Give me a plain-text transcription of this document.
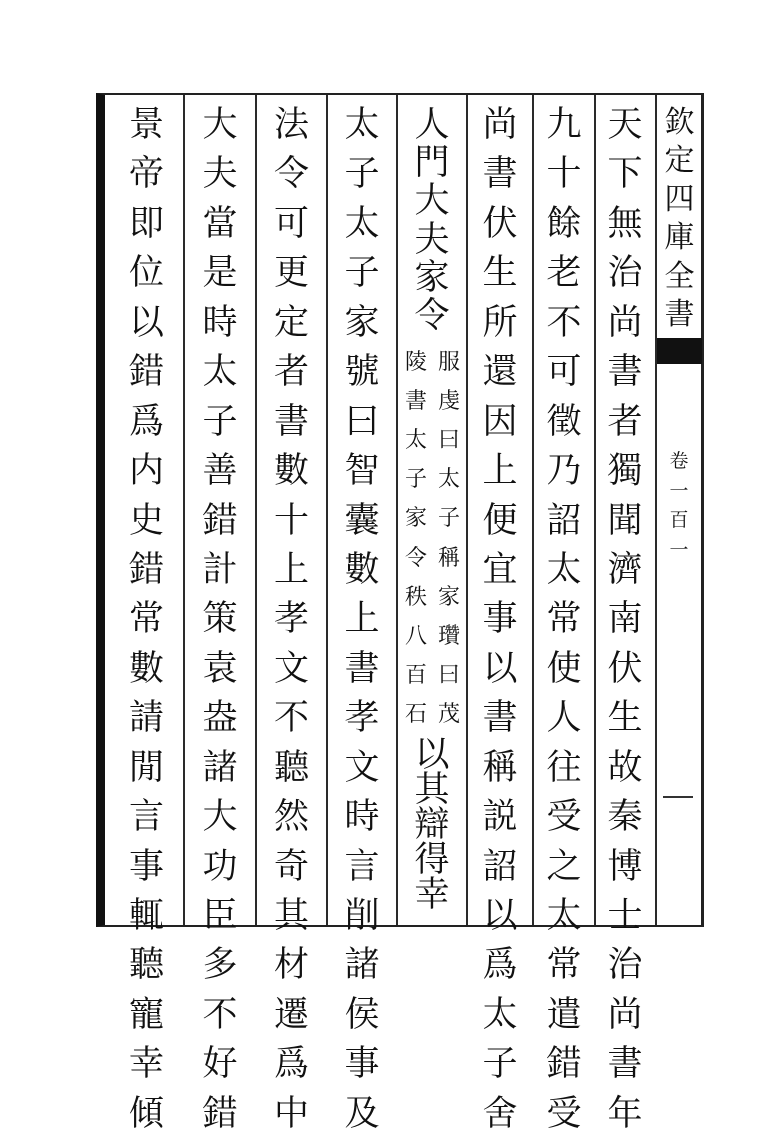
欽
定
四
庫
全
書
卷
一
百
一
天
下
無
治
尚
書
者
獨
聞
濟
南
伏
生
故
秦
博
士
治
尚
書
年
九
十
餘
老
不
可
徵
乃
詔
太
常
使
人
往
受
之
太
常
遣
錯
受
尚
書
伏
生
所
還
因
上
便
宜
事
以
書
稱
説
詔
以
爲
太
子
舍
人
門
大
夫
家
令
服
虔
曰
太
子
稱
家
瓚
曰
茂
陵
書
太
子
家
令
秩
八
百
石
以
其
辯
得
幸
太
子
太
子
家
號
曰
智
囊
數
上
書
孝
文
時
言
削
諸
侯
事
及
法
令
可
更
定
者
書
數
十
上
孝
文
不
聽
然
奇
其
材
遷
爲
中
大
夫
當
是
時
太
子
善
錯
計
策
袁
盎
諸
大
功
臣
多
不
好
錯
景
帝
即
位
以
錯
爲
内
史
錯
常
數
請
閒
言
事
輒
聽
寵
幸
傾
